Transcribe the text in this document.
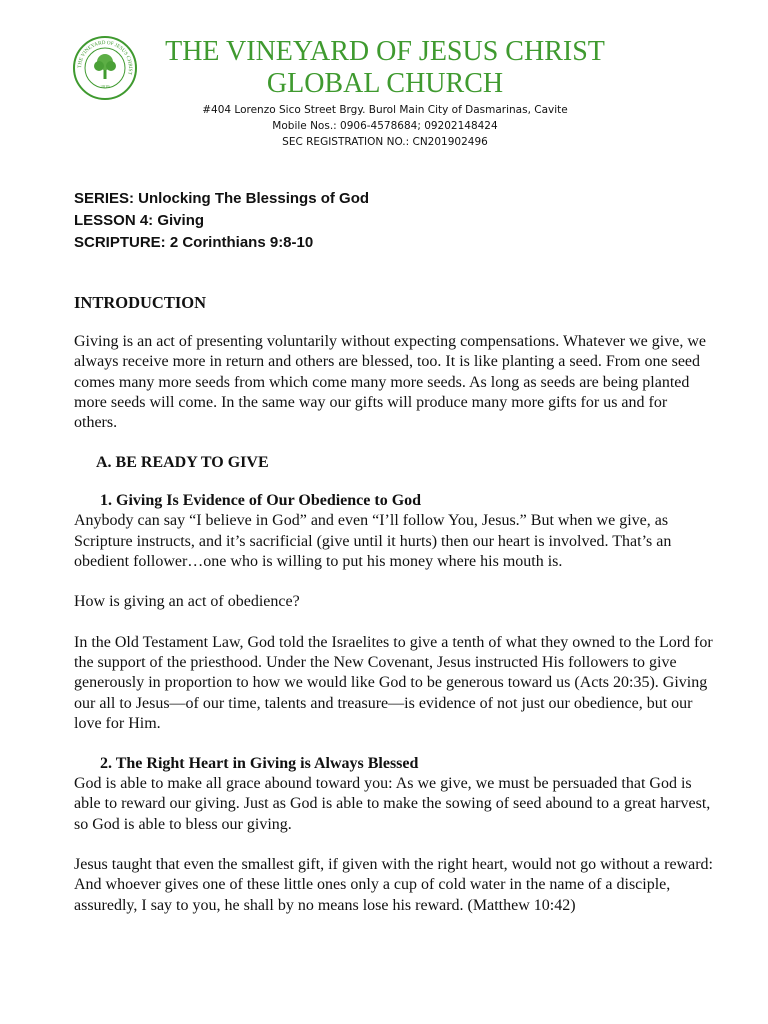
THE VINEYARD OF JESUS CHRIST
2019
THE VINEYARD OF JESUS CHRIST
GLOBAL CHURCH
#404 Lorenzo Sico Street Brgy. Burol Main City of Dasmarinas, Cavite
Mobile Nos.: 0906-4578684; 09202148424
SEC REGISTRATION NO.: CN201902496
SERIES: Unlocking The Blessings of God
LESSON 4: Giving
SCRIPTURE: 2 Corinthians 9:8-10
INTRODUCTION

Giving is an act of presenting voluntarily without expecting compensations. Whatever we give, we always receive more in return and others are blessed, too. It is like planting a seed. From one seed comes many more seeds from which come many more seeds. As long as seeds are being planted more seeds will come. In the same way our gifts will produce many more gifts for us and for others.

A. BE READY TO GIVE
1. Giving Is Evidence of Our Obedience to God

Anybody can say “I believe in God” and even “I’ll follow You, Jesus.” But when we give, as Scripture instructs, and it’s sacrificial (give until it hurts) then our heart is involved. That’s an obedient follower…one who is willing to put his money where his mouth is.

How is giving an act of obedience?

In the Old Testament Law, God told the Israelites to give a tenth of what they owned to the Lord for the support of the priesthood. Under the New Covenant, Jesus instructed His followers to give generously in proportion to how we would like God to be generous toward us (Acts 20:35). Giving our all to Jesus—of our time, talents and treasure—is evidence of not just our obedience, but our love for Him.

2. The Right Heart in Giving is Always Blessed

God is able to make all grace abound toward you: As we give, we must be persuaded that God is able to reward our giving. Just as God is able to make the sowing of seed abound to a great harvest, so God is able to bless our giving.

Jesus taught that even the smallest gift, if given with the right heart, would not go without a reward: And whoever gives one of these little ones only a cup of cold water in the name of a disciple, assuredly, I say to you, he shall by no means lose his reward. (Matthew 10:42)
